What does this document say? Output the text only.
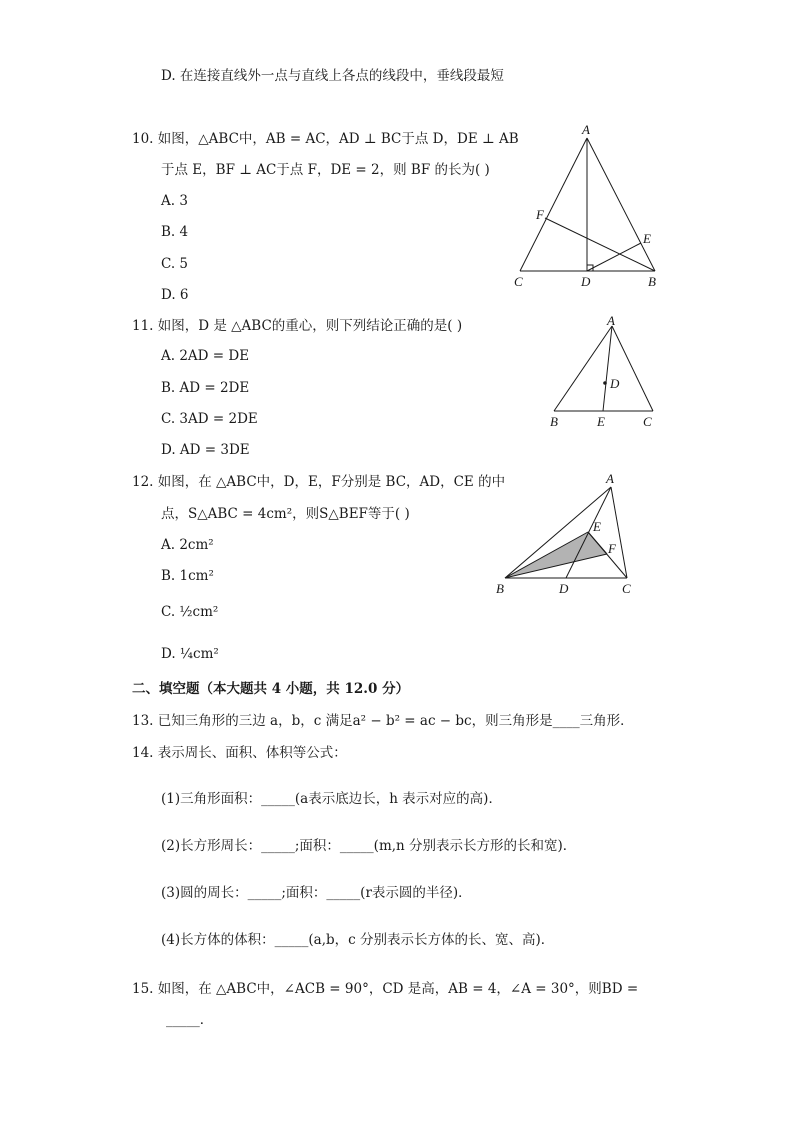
D. 在连接直线外一点与直线上各点的线段中，垂线段最短
10. 如图，△ABC中，AB = AC，AD ⊥ BC于点 D，DE ⊥ AB
于点 E，BF ⊥ AC于点 F，DE = 2，则 BF 的长为( )
A. 3
B. 4
C. 5
D. 6
11. 如图，D 是 △ABC的重心，则下列结论正确的是( )
A. 2AD = DE
B. AD = 2DE
C. 3AD = 2DE
D. AD = 3DE
12. 如图，在 △ABC中，D，E，F分别是 BC，AD，CE 的中
点，S△ABC = 4cm²，则S△BEF等于( )
A. 2cm²
B. 1cm²
C. ½cm²
D. ¼cm²
二、填空题（本大题共 4 小题，共 12.0 分）
13. 已知三角形的三边 a，b，c 满足a² − b² = ac − bc，则三角形是____三角形．
14. 表示周长、面积、体积等公式：
(1)三角形面积：_____(a表示底边长，h 表示对应的高)．
(2)长方形周长：_____;面积：_____(m,n 分别表示长方形的长和宽)．
(3)圆的周长：_____;面积：_____(r表示圆的半径)．
(4)长方体的体积：_____(a,b，c 分别表示长方体的长、宽、高)．
15. 如图，在 △ABC中，∠ACB = 90°，CD 是高，AB = 4，∠A = 30°，则BD =
_____．
A
B
C	D
E
F
A
B	C
D
E
A
B	C
D
E
F
